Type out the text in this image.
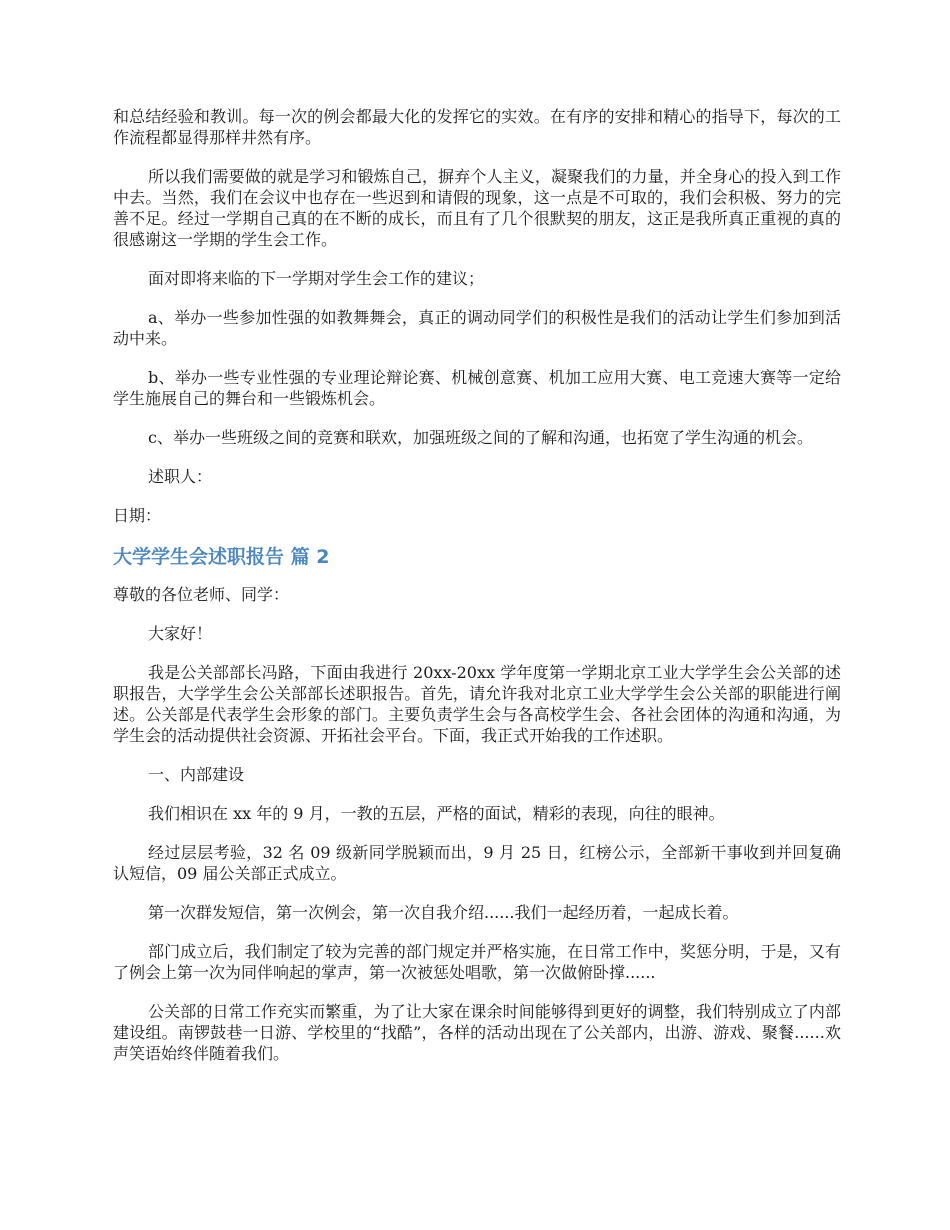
和总结经验和教训。每一次的例会都最大化的发挥它的实效。在有序的安排和精心的指导下，每次的工作流程都显得那样井然有序。

所以我们需要做的就是学习和锻炼自己，摒弃个人主义，凝聚我们的力量，并全身心的投入到工作中去。当然，我们在会议中也存在一些迟到和请假的现象，这一点是不可取的，我们会积极、努力的完善不足。经过一学期自己真的在不断的成长，而且有了几个很默契的朋友，这正是我所真正重视的真的很感谢这一学期的学生会工作。

面对即将来临的下一学期对学生会工作的建议；

a、举办一些参加性强的如教舞舞会，真正的调动同学们的积极性是我们的活动让学生们参加到活动中来。

b、举办一些专业性强的专业理论辩论赛、机械创意赛、机加工应用大赛、电工竞速大赛等一定给学生施展自己的舞台和一些锻炼机会。

c、举办一些班级之间的竞赛和联欢，加强班级之间的了解和沟通，也拓宽了学生沟通的机会。

述职人：

日期：

大学学生会述职报告 篇 2

尊敬的各位老师、同学：

大家好！

我是公关部部长冯路，下面由我进行 20xx-20xx 学年度第一学期北京工业大学学生会公关部的述职报告，大学学生会公关部部长述职报告。首先，请允许我对北京工业大学学生会公关部的职能进行阐述。公关部是代表学生会形象的部门。主要负责学生会与各高校学生会、各社会团体的沟通和沟通，为学生会的活动提供社会资源、开拓社会平台。下面，我正式开始我的工作述职。

一、内部建设

我们相识在 xx 年的 9 月，一教的五层，严格的面试，精彩的表现，向往的眼神。

经过层层考验，32 名 09 级新同学脱颖而出，9 月 25 日，红榜公示，全部新干事收到并回复确认短信，09 届公关部正式成立。

第一次群发短信，第一次例会，第一次自我介绍......我们一起经历着，一起成长着。

部门成立后，我们制定了较为完善的部门规定并严格实施，在日常工作中，奖惩分明，于是，又有了例会上第一次为同伴响起的掌声，第一次被惩处唱歌，第一次做俯卧撑......

公关部的日常工作充实而繁重，为了让大家在课余时间能够得到更好的调整，我们特别成立了内部建设组。南锣鼓巷一日游、学校里的“找酷”，各样的活动出现在了公关部内，出游、游戏、聚餐......欢声笑语始终伴随着我们。
